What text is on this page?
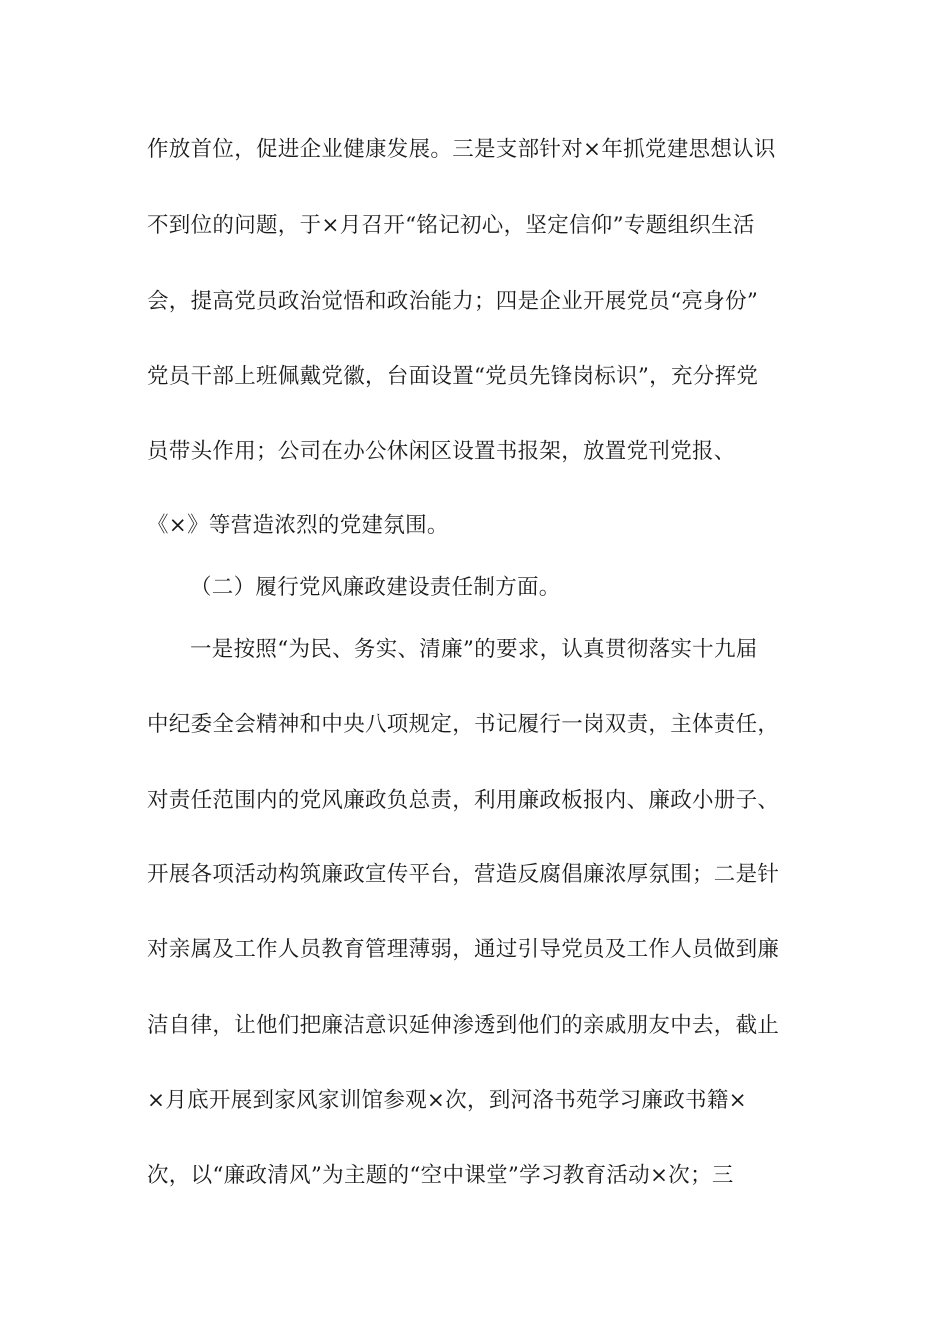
作放首位，促进企业健康发展。三是支部针对×年抓党建思想认识
不到位的问题，于×月召开“铭记初心，坚定信仰”专题组织生活
会，提高党员政治觉悟和政治能力；四是企业开展党员“亮身份”
党员干部上班佩戴党徽，台面设置“党员先锋岗标识”，充分挥党
员带头作用；公司在办公休闲区设置书报架，放置党刊党报、
《×》等营造浓烈的党建氛围。
（二）履行党风廉政建设责任制方面。
一是按照“为民、务实、清廉”的要求，认真贯彻落实十九届
中纪委全会精神和中央八项规定，书记履行一岗双责，主体责任，
对责任范围内的党风廉政负总责，利用廉政板报内、廉政小册子、
开展各项活动构筑廉政宣传平台，营造反腐倡廉浓厚氛围；二是针
对亲属及工作人员教育管理薄弱，通过引导党员及工作人员做到廉
洁自律，让他们把廉洁意识延伸渗透到他们的亲戚朋友中去，截止
×月底开展到家风家训馆参观×次，到河洛书苑学习廉政书籍×
次，以“廉政清风”为主题的“空中课堂”学习教育活动×次；三
